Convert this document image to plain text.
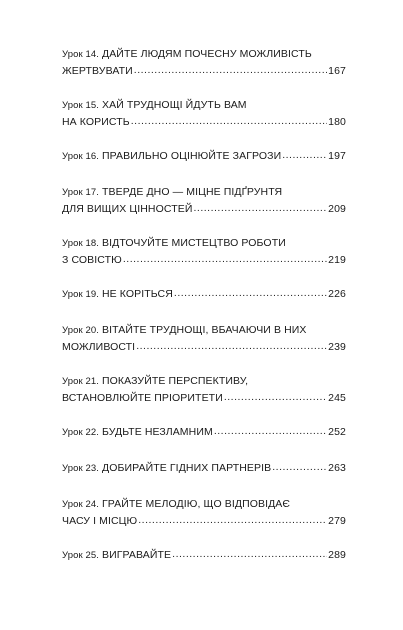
Урок 14. ДАЙТЕ ЛЮДЯМ ПОЧЕСНУ МОЖЛИВІСТЬ
ЖЕРТВУВАТИ .....	167
Урок 15. ХАЙ ТРУДНОЩІ ЙДУТЬ ВАМ
НА КОРИСТЬ .....	180
Урок 16. ПРАВИЛЬНО ОЦІНЮЙТЕ ЗАГРОЗИ .....	197
Урок 17. ТВЕРДЕ ДНО — МІЦНЕ ПІДҐРУНТЯ
ДЛЯ ВИЩИХ ЦІННОСТЕЙ .....	209
Урок 18. ВІДТОЧУЙТЕ МИСТЕЦТВО РОБОТИ
З СОВІСТЮ .....	219
Урок 19. НЕ КОРІТЬСЯ .....	226
Урок 20. ВІТАЙТЕ ТРУДНОЩІ, ВБАЧАЮЧИ В НИХ
МОЖЛИВОСТІ .....	239
Урок 21. ПОКАЗУЙТЕ ПЕРСПЕКТИВУ,
ВСТАНОВЛЮЙТЕ ПРІОРИТЕТИ .....	245
Урок 22. БУДЬТЕ НЕЗЛАМНИМ .....	252
Урок 23. ДОБИРАЙТЕ ГІДНИХ ПАРТНЕРІВ .....	263
Урок 24. ГРАЙТЕ МЕЛОДІЮ, ЩО ВІДПОВІДАЄ
ЧАСУ І МІСЦЮ .....	279
Урок 25. ВИГРАВАЙТЕ .....	289
